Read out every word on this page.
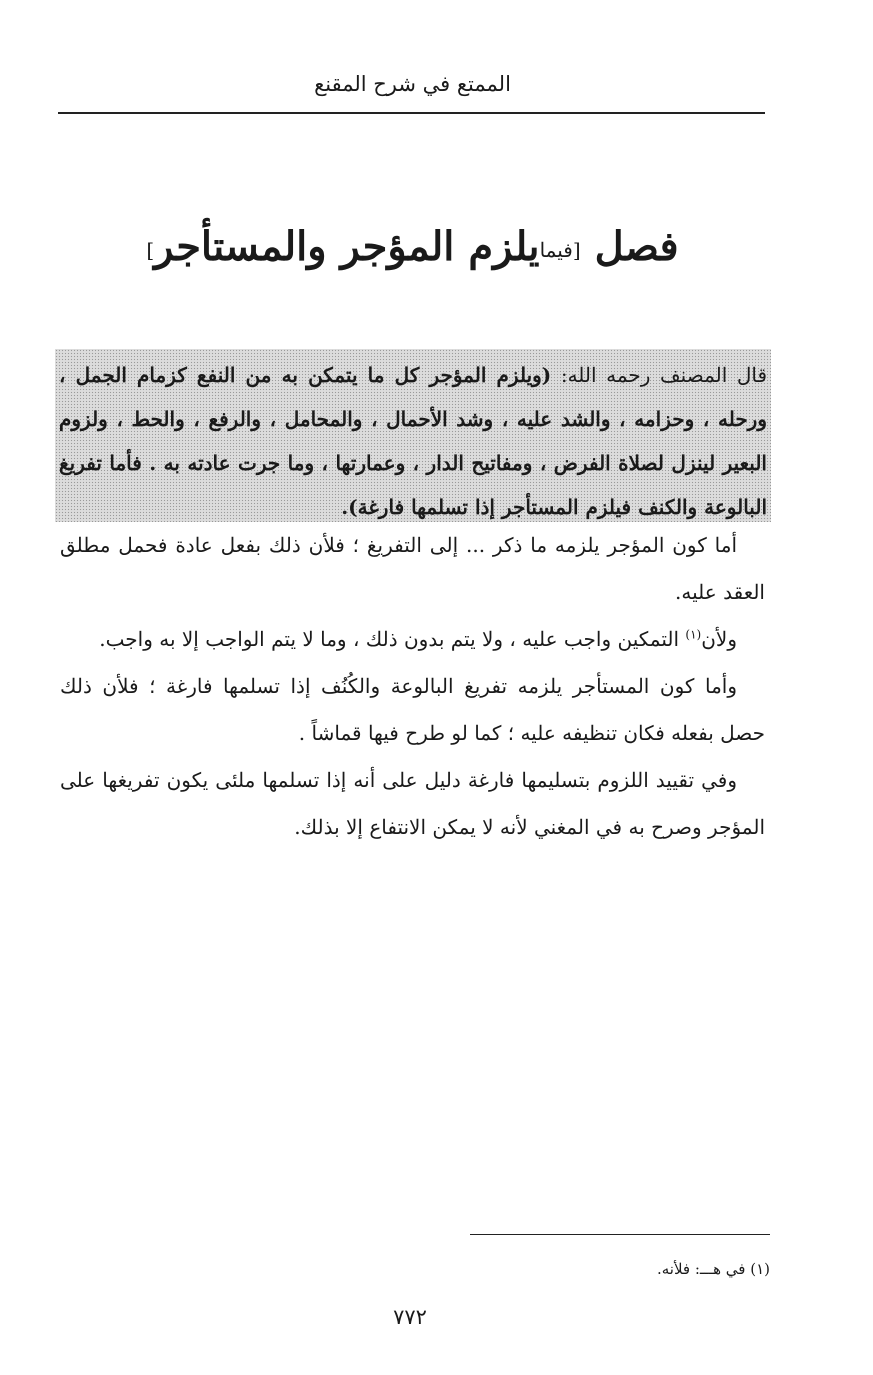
الممتع في شرح المقنع
فصل [فيمايلزم المؤجر والمستأجر]
قال المصنف رحمه الله: (ويلزم المؤجر كل ما يتمكن به من النفع كزمام الجمل ، ورحله ، وحزامه ، والشد عليه ، وشد الأحمال ، والمحامل ، والرفع ، والحط ، ولزوم البعير لينزل لصلاة الفرض ، ومفاتيح الدار ، وعمارتها ، وما جرت عادته به . فأما تفريغ البالوعة والكنف فيلزم المستأجر إذا تسلمها فارغة).

أما كون المؤجر يلزمه ما ذكر ... إلى التفريغ ؛ فلأن ذلك بفعل عادة فحمل مطلق العقد عليه.

ولأن$^{(١)}$ التمكين واجب عليه ، ولا يتم بدون ذلك ، وما لا يتم الواجب إلا به واجب.

وأما كون المستأجر يلزمه تفريغ البالوعة والكُنُف إذا تسلمها فارغة ؛ فلأن ذلك حصل بفعله فكان تنظيفه عليه ؛ كما لو طرح فيها قماشاً .

وفي تقييد اللزوم بتسليمها فارغة دليل على أنه إذا تسلمها ملئى يكون تفريغها على المؤجر وصرح به في المغني لأنه لا يمكن الانتفاع إلا بذلك.

(١) في هـــ: فلأنه.
٧٧٢
